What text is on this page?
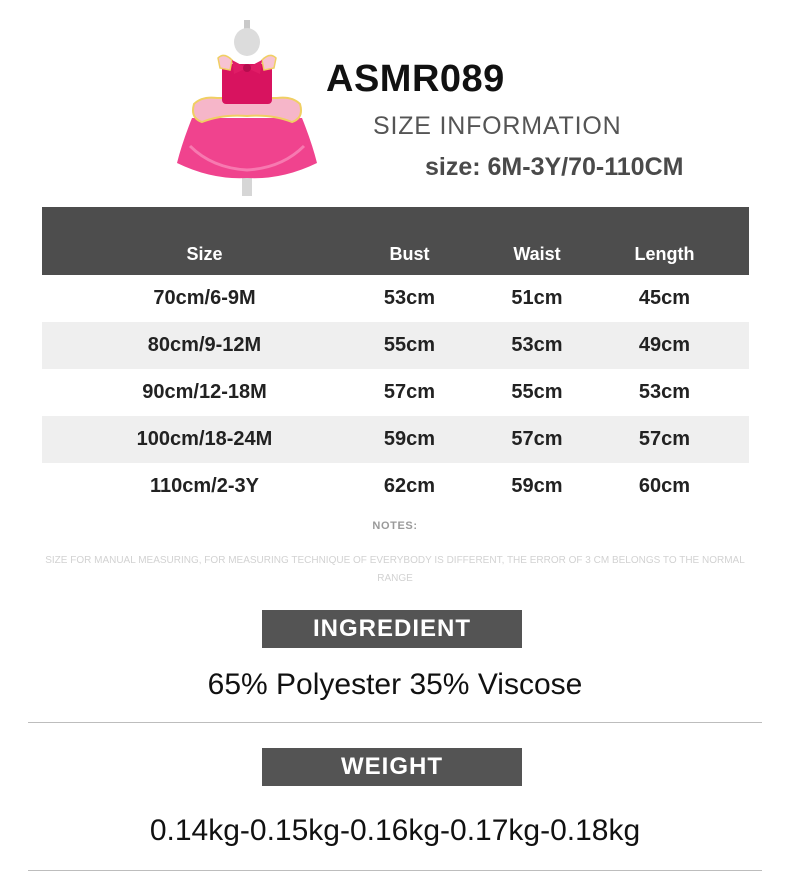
ASMR089
SIZE INFORMATION
size: 6M-3Y/70-110CM
Size	Bust	Waist	Length
70cm/6-9M	53cm	51cm	45cm
80cm/9-12M	55cm	53cm	49cm
90cm/12-18M	57cm	55cm	53cm
100cm/18-24M	59cm	57cm	57cm
110cm/2-3Y	62cm	59cm	60cm
NOTES:
SIZE FOR MANUAL MEASURING, FOR MEASURING TECHNIQUE OF EVERYBODY IS DIFFERENT, THE ERROR OF 3 CM BELONGS TO THE NORMAL RANGE
INGREDIENT
65% Polyester 35% Viscose
WEIGHT
0.14kg-0.15kg-0.16kg-0.17kg-0.18kg
